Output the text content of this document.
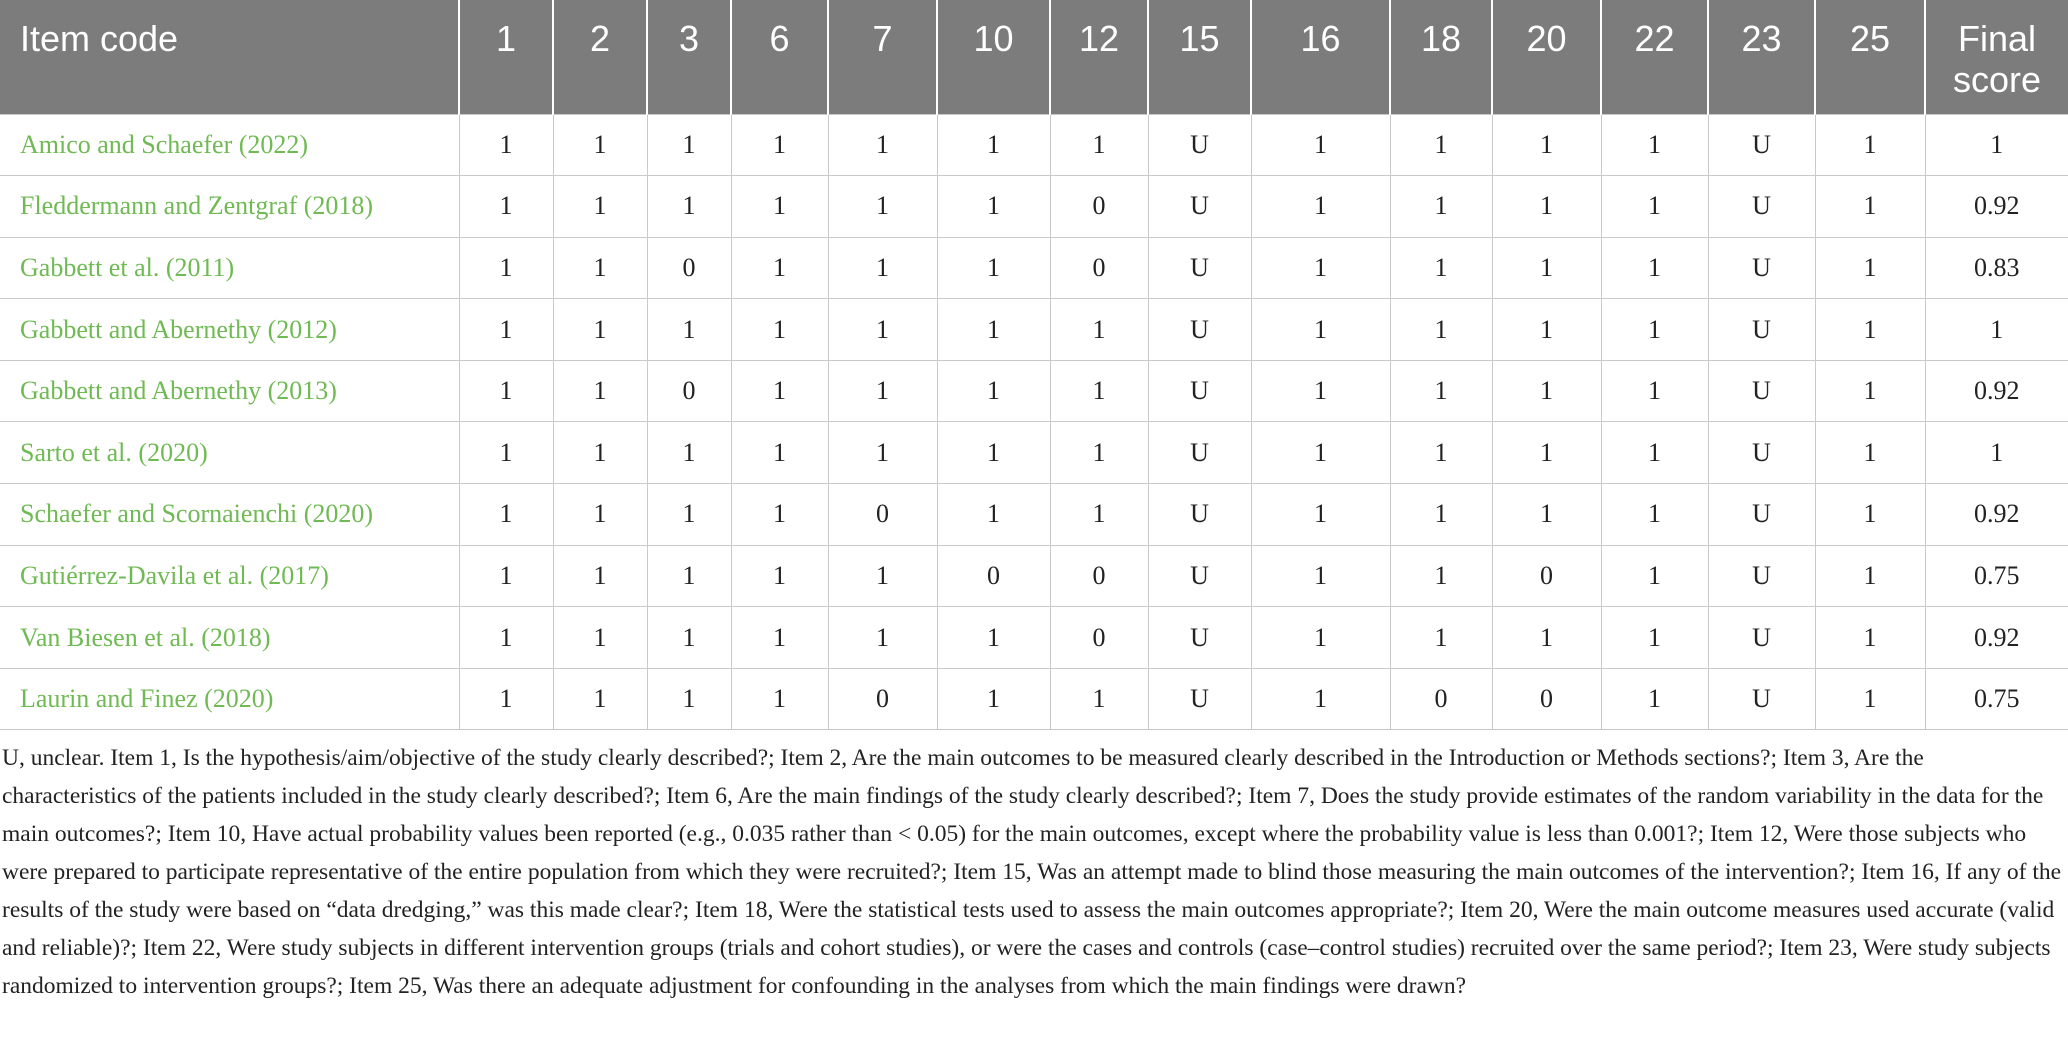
Item code	1	2	3	6	7	10	12	15	16	18	20	22	23	25	Final score
Amico and Schaefer (2022)	1	1	1	1	1	1	1	U	1	1	1	1	U	1	1
Fleddermann and Zentgraf (2018)	1	1	1	1	1	1	0	U	1	1	1	1	U	1	0.92
Gabbett et al. (2011)	1	1	0	1	1	1	0	U	1	1	1	1	U	1	0.83
Gabbett and Abernethy (2012)	1	1	1	1	1	1	1	U	1	1	1	1	U	1	1
Gabbett and Abernethy (2013)	1	1	0	1	1	1	1	U	1	1	1	1	U	1	0.92
Sarto et al. (2020)	1	1	1	1	1	1	1	U	1	1	1	1	U	1	1
Schaefer and Scornaienchi (2020)	1	1	1	1	0	1	1	U	1	1	1	1	U	1	0.92
Gutiérrez-Davila et al. (2017)	1	1	1	1	1	0	0	U	1	1	0	1	U	1	0.75
Van Biesen et al. (2018)	1	1	1	1	1	1	0	U	1	1	1	1	U	1	0.92
Laurin and Finez (2020)	1	1	1	1	0	1	1	U	1	0	0	1	U	1	0.75
U, unclear. Item 1, Is the hypothesis/aim/objective of the study clearly described?; Item 2, Are the main outcomes to be measured clearly described in the Introduction or Methods sections?; Item 3, Are the characteristics of the patients included in the study clearly described?; Item 6, Are the main findings of the study clearly described?; Item 7, Does the study provide estimates of the random variability in the data for the main outcomes?; Item 10, Have actual probability values been reported (e.g., 0.035 rather than < 0.05) for the main outcomes, except where the probability value is less than 0.001?; Item 12, Were those subjects who were prepared to participate representative of the entire population from which they were recruited?; Item 15, Was an attempt made to blind those measuring the main outcomes of the intervention?; Item 16, If any of the results of the study were based on “data dredging,” was this made clear?; Item 18, Were the statistical tests used to assess the main outcomes appropriate?; Item 20, Were the main outcome measures used accurate (valid and reliable)?; Item 22, Were study subjects in different intervention groups (trials and cohort studies), or were the cases and controls (case–control studies) recruited over the same period?; Item 23, Were study subjects randomized to intervention groups?; Item 25, Was there an adequate adjustment for confounding in the analyses from which the main findings were drawn?
